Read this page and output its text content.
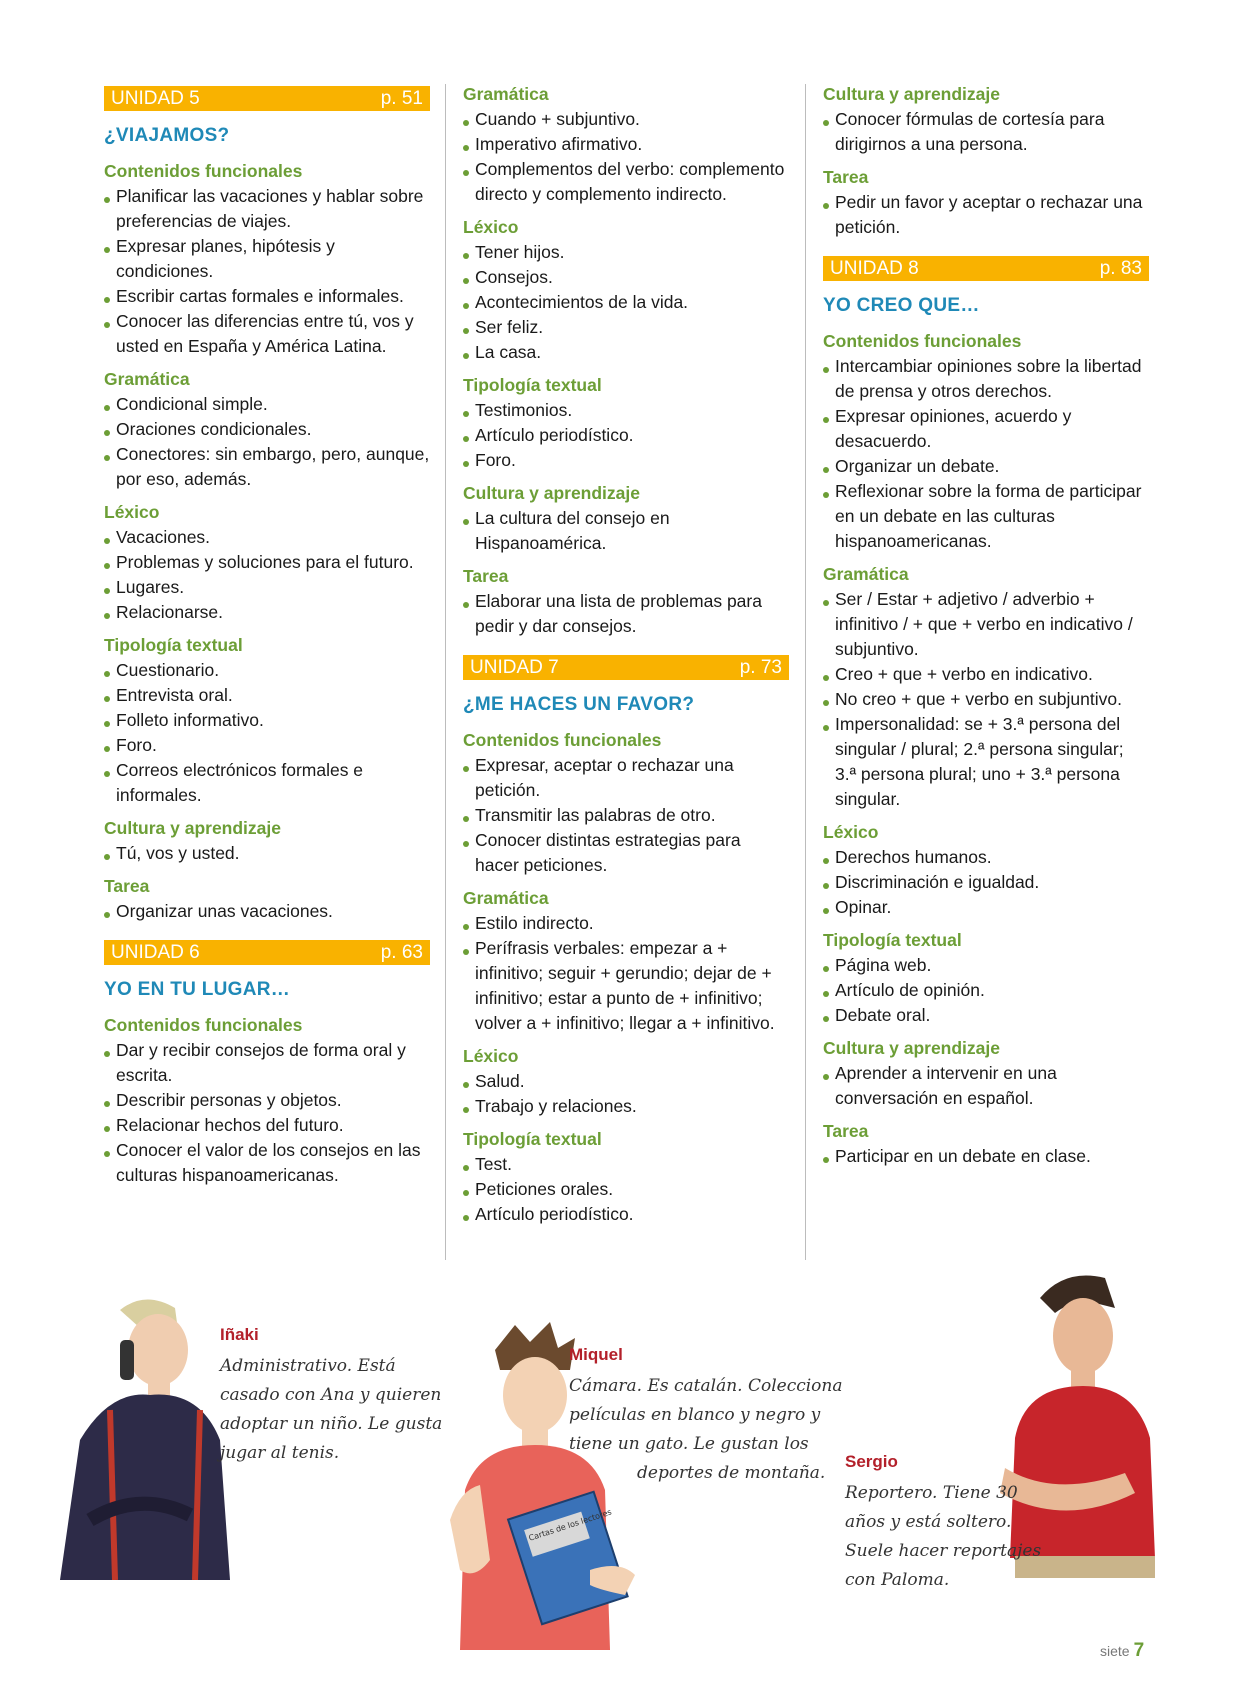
UNIDAD 5	p. 51
¿VIAJAMOS?
Contenidos funcionales
Planificar las vacaciones y hablar sobre preferencias de viajes.
Expresar planes, hipótesis y condiciones.
Escribir cartas formales e informales.
Conocer las diferencias entre tú, vos y usted en España y América Latina.
Gramática
Condicional simple.
Oraciones condicionales.
Conectores: sin embargo, pero, aunque, por eso, además.
Léxico
Vacaciones.
Problemas y soluciones para el futuro.
Lugares.
Relacionarse.
Tipología textual
Cuestionario.
Entrevista oral.
Folleto informativo.
Foro.
Correos electrónicos formales e informales.
Cultura y aprendizaje
Tú, vos y usted.
Tarea
Organizar unas vacaciones.
UNIDAD 6	p. 63
YO EN TU LUGAR…
Contenidos funcionales
Dar y recibir consejos de forma oral y escrita.
Describir personas y objetos.
Relacionar hechos del futuro.
Conocer el valor de los consejos en las culturas hispanoamericanas.
Gramática
Cuando + subjuntivo.
Imperativo afirmativo.
Complementos del verbo: complemento directo y complemento indirecto.
Léxico
Tener hijos.
Consejos.
Acontecimientos de la vida.
Ser feliz.
La casa.
Tipología textual
Testimonios.
Artículo periodístico.
Foro.
Cultura y aprendizaje
La cultura del consejo en Hispanoamérica.
Tarea
Elaborar una lista de problemas para pedir y dar consejos.
UNIDAD 7	p. 73
¿ME HACES UN FAVOR?
Contenidos funcionales
Expresar, aceptar o rechazar una petición.
Transmitir las palabras de otro.
Conocer distintas estrategias para hacer peticiones.
Gramática
Estilo indirecto.
Perífrasis verbales: empezar a + infinitivo; seguir + gerundio; dejar de + infinitivo; estar a punto de + infinitivo; volver a + infinitivo; llegar a + infinitivo.
Léxico
Salud.
Trabajo y relaciones.
Tipología textual
Test.
Peticiones orales.
Artículo periodístico.
Cultura y aprendizaje
Conocer fórmulas de cortesía para dirigirnos a una persona.
Tarea
Pedir un favor y aceptar o rechazar una petición.
UNIDAD 8	p. 83
YO CREO QUE…
Contenidos funcionales
Intercambiar opiniones sobre la libertad de prensa y otros derechos.
Expresar opiniones, acuerdo y desacuerdo.
Organizar un debate.
Reflexionar sobre la forma de participar en un debate en las culturas hispanoamericanas.
Gramática
Ser / Estar + adjetivo / adverbio + infinitivo / + que + verbo en indicativo / subjuntivo.
Creo + que + verbo en indicativo.
No creo + que + verbo en subjuntivo.
Impersonalidad: se + 3.ª persona del singular / plural; 2.ª persona singular; 3.ª persona plural; uno + 3.ª persona singular.
Léxico
Derechos humanos.
Discriminación e igualdad.
Opinar.
Tipología textual
Página web.
Artículo de opinión.
Debate oral.
Cultura y aprendizaje
Aprender a intervenir en una conversación en español.
Tarea
Participar en un debate en clase.
Cartas de los lectores
Iñaki
Administrativo. Está
casado con Ana y quieren
adoptar un niño. Le gusta
jugar al tenis.
Miquel
Cámara. Es catalán. Colecciona
películas en blanco y negro y
tiene un gato. Le gustan los
deportes de montaña.
Sergio
Reportero. Tiene 30
años y está soltero.
Suele hacer reportajes
con Paloma.
siete 7
